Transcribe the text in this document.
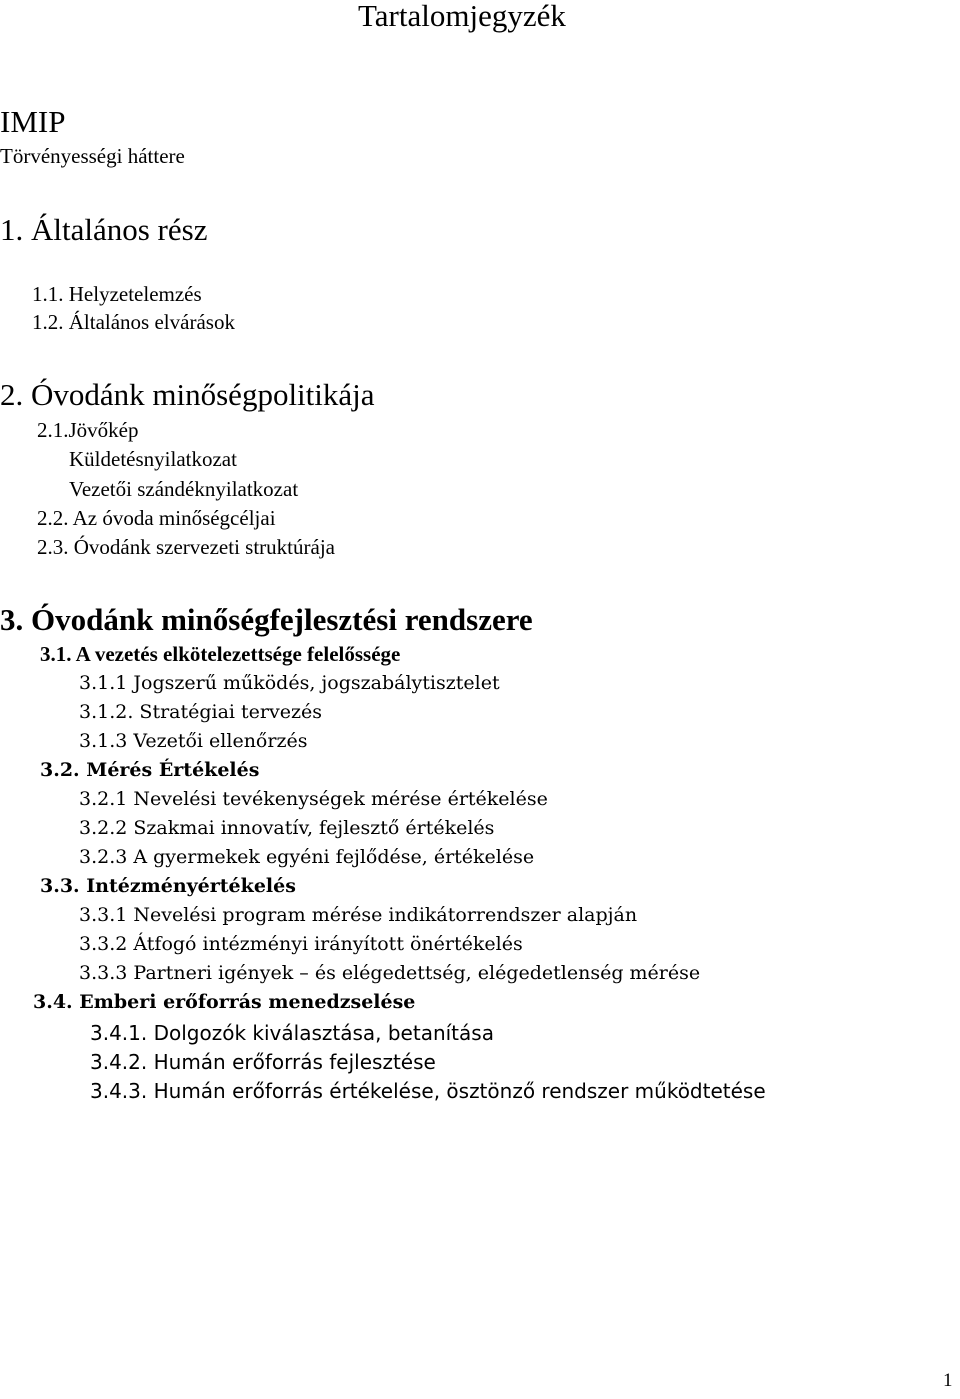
Tartalomjegyzék
IMIP
Törvényességi háttere
1. Általános rész
1.1. Helyzetelemzés
1.2. Általános elvárások
2. Óvodánk minőségpolitikája
2.1.Jövőkép
Küldetésnyilatkozat
Vezetői szándéknyilatkozat
2.2. Az óvoda minőségcéljai
2.3. Óvodánk szervezeti struktúrája
3. Óvodánk minőségfejlesztési rendszere
3.1. A vezetés elkötelezettsége felelőssége
3.1.1 Jogszerű működés, jogszabálytisztelet
3.1.2. Stratégiai tervezés
3.1.3 Vezetői ellenőrzés
3.2. Mérés Értékelés
3.2.1 Nevelési tevékenységek mérése értékelése
3.2.2 Szakmai innovatív, fejlesztő értékelés
3.2.3 A gyermekek egyéni fejlődése, értékelése
3.3. Intézményértékelés
3.3.1 Nevelési program mérése indikátorrendszer alapján
3.3.2 Átfogó intézményi irányított önértékelés
3.3.3 Partneri igények – és elégedettség, elégedetlenség mérése
3.4. Emberi erőforrás menedzselése
3.4.1. Dolgozók kiválasztása, betanítása
3.4.2. Humán erőforrás fejlesztése
3.4.3. Humán erőforrás értékelése, ösztönző rendszer működtetése
1
